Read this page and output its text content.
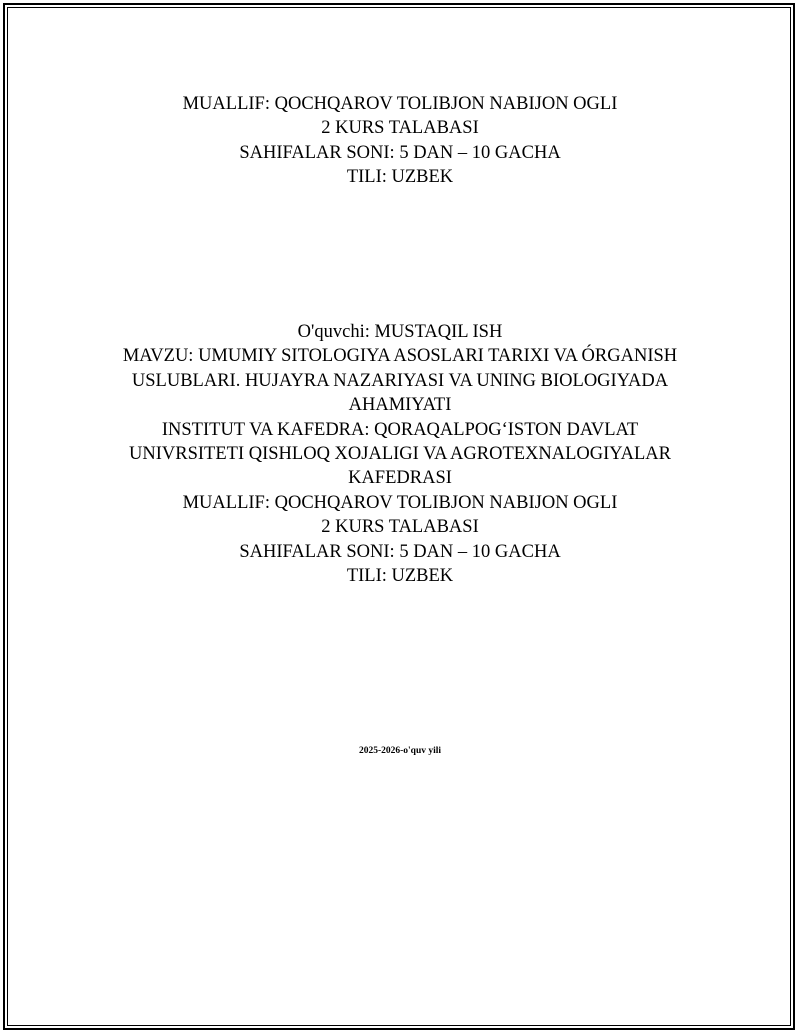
MUALLIF: QOCHQAROV TOLIBJON NABIJON OGLI
2 KURS TALABASI
SAHIFALAR SONI: 5 DAN – 10 GACHA
TILI: UZBEK
O'quvchi: MUSTAQIL ISH
MAVZU: UMUMIY SITOLOGIYA ASOSLARI TARIXI VA ÓRGANISH
USLUBLARI. HUJAYRA NAZARIYASI VA UNING BIOLOGIYADA
AHAMIYATI
INSTITUT VA KAFEDRA: QORAQALPOG‘ISTON DAVLAT
UNIVRSITETI QISHLOQ XOJALIGI VA AGROTEXNALOGIYALAR
KAFEDRASI
MUALLIF: QOCHQAROV TOLIBJON NABIJON OGLI
2 KURS TALABASI
SAHIFALAR SONI: 5 DAN – 10 GACHA
TILI: UZBEK
2025-2026-o'quv yili
